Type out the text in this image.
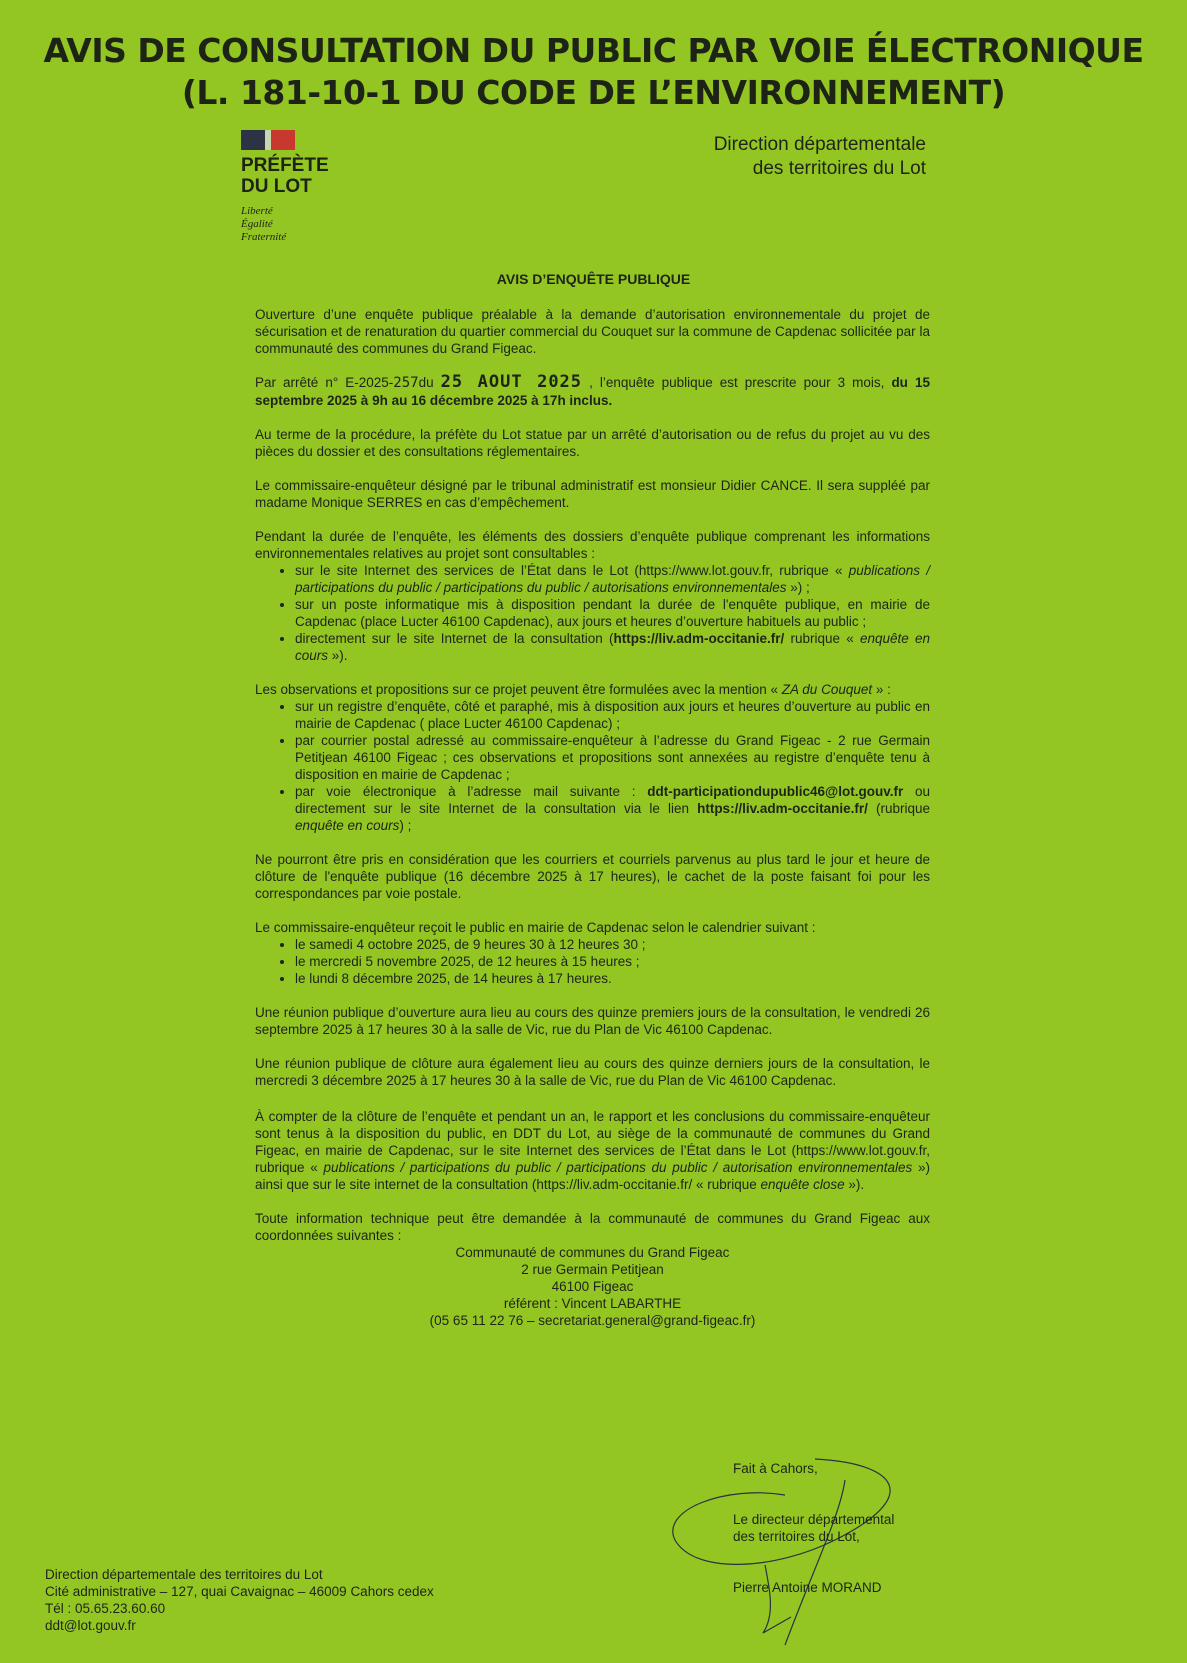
AVIS DE CONSULTATION DU PUBLIC PAR VOIE ÉLECTRONIQUE
(L. 181-10-1 DU CODE DE L’ENVIRONNEMENT)
PRÉFÈTE
DU LOT
Liberté
Égalité
Fraternité
Direction départementale
des territoires du Lot
AVIS D’ENQUÊTE PUBLIQUE

Ouverture d’une enquête publique préalable à la demande d’autorisation environnementale du projet de sécurisation et de renaturation du quartier commercial du Couquet sur la commune de Capdenac sollicitée par la communauté des communes du Grand Figeac.

Par arrêté n° E-2025-257du 25 AOUT 2025 , l’enquête publique est prescrite pour 3 mois, du 15 septembre 2025 à 9h au 16 décembre 2025 à 17h inclus.

Au terme de la procédure, la préfète du Lot statue par un arrêté d’autorisation ou de refus du projet au vu des pièces du dossier et des consultations réglementaires.

Le commissaire-enquêteur désigné par le tribunal administratif est monsieur Didier CANCE. Il sera suppléé par madame Monique SERRES en cas d’empêchement.

Pendant la durée de l’enquête, les éléments des dossiers d’enquête publique comprenant les informations environnementales relatives au projet sont consultables :

• sur le site Internet des services de l’État dans le Lot (https://www.lot.gouv.fr, rubrique « publications / participations du public / participations du public / autorisations environnementales ») ;
• sur un poste informatique mis à disposition pendant la durée de l'enquête publique, en mairie de Capdenac (place Lucter 46100 Capdenac), aux jours et heures d’ouverture habituels au public ;
• directement sur le site Internet de la consultation (https://liv.adm-occitanie.fr/ rubrique « enquête en cours »).

Les observations et propositions sur ce projet peuvent être formulées avec la mention « ZA du Couquet » :

• sur un registre d’enquête, côté et paraphé, mis à disposition aux jours et heures d’ouverture au public en mairie de Capdenac ( place Lucter 46100 Capdenac) ;
• par courrier postal adressé au commissaire-enquêteur à l’adresse du Grand Figeac - 2 rue Germain Petitjean 46100 Figeac ; ces observations et propositions sont annexées au registre d’enquête tenu à disposition en mairie de Capdenac ;
• par voie électronique à l’adresse mail suivante : ddt-participationdupublic46@lot.gouv.fr ou directement sur le site Internet de la consultation via le lien https://liv.adm-occitanie.fr/ (rubrique enquête en cours) ;

Ne pourront être pris en considération que les courriers et courriels parvenus au plus tard le jour et heure de clôture de l'enquête publique (16 décembre 2025 à 17 heures), le cachet de la poste faisant foi pour les correspondances par voie postale.

Le commissaire-enquêteur reçoit le public en mairie de Capdenac selon le calendrier suivant :

• le samedi 4 octobre 2025, de 9 heures 30 à 12 heures 30 ;
• le mercredi 5 novembre 2025, de 12 heures à 15 heures ;
• le lundi 8 décembre 2025, de 14 heures à 17 heures.

Une réunion publique d’ouverture aura lieu au cours des quinze premiers jours de la consultation, le vendredi 26 septembre 2025 à 17 heures 30 à la salle de Vic, rue du Plan de Vic 46100 Capdenac.

Une réunion publique de clôture aura également lieu au cours des quinze derniers jours de la consultation, le mercredi 3 décembre 2025 à 17 heures 30 à la salle de Vic, rue du Plan de Vic 46100 Capdenac.

À compter de la clôture de l’enquête et pendant un an, le rapport et les conclusions du commissaire-enquêteur sont tenus à la disposition du public, en DDT du Lot, au siège de la communauté de communes du Grand Figeac, en mairie de Capdenac, sur le site Internet des services de l’État dans le Lot (https://www.lot.gouv.fr, rubrique « publications / participations du public / participations du public / autorisation environnementales ») ainsi que sur le site internet de la consultation (https://liv.adm-occitanie.fr/ « rubrique enquête close »).

Toute information technique peut être demandée à la communauté de communes du Grand Figeac aux coordonnées suivantes :

Communauté de communes du Grand Figeac
2 rue Germain Petitjean
46100 Figeac
référent : Vincent LABARTHE
(05 65 11 22 76 – secretariat.general@grand-figeac.fr)
Fait à Cahors,
Le directeur départemental
des territoires du Lot,
Pierre Antoine MORAND
Direction départementale des territoires du Lot
Cité administrative – 127, quai Cavaignac – 46009 Cahors cedex
Tél : 05.65.23.60.60
ddt@lot.gouv.fr
